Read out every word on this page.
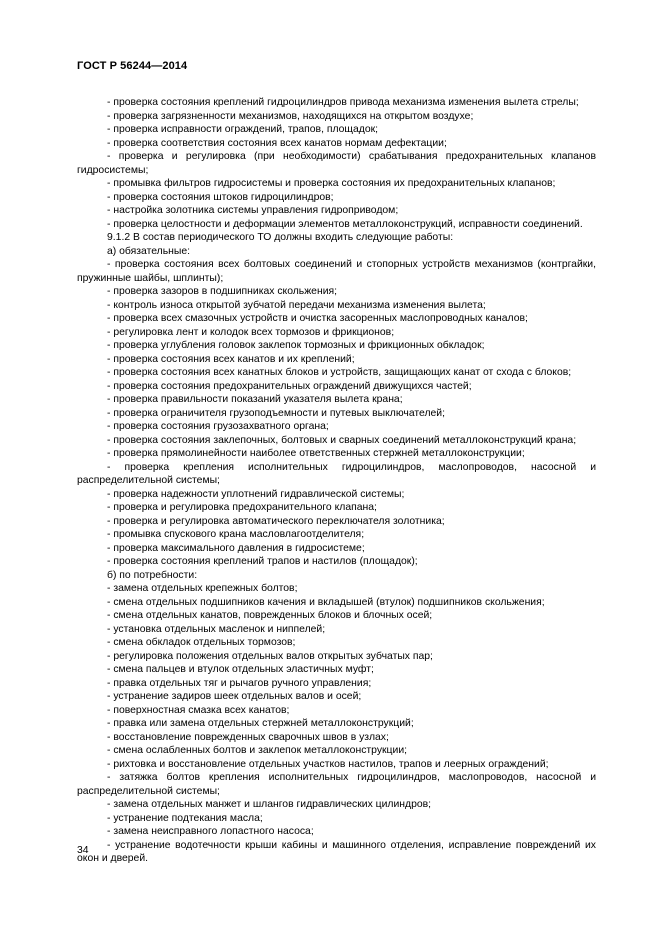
ГОСТ Р 56244—2014
- проверка состояния креплений гидроцилиндров привода механизма изменения вылета стрелы;
- проверка загрязненности механизмов, находящихся на открытом воздухе;
- проверка исправности ограждений, трапов, площадок;
- проверка соответствия состояния всех канатов нормам дефектации;
- проверка и регулировка (при необходимости) срабатывания предохранительных клапанов гидросистемы;
- промывка фильтров гидросистемы и проверка состояния их предохранительных клапанов;
- проверка состояния штоков гидроцилиндров;
- настройка золотника системы управления гидроприводом;
- проверка целостности и деформации элементов металлоконструкций, исправности соединений.
9.1.2 В состав периодического ТО должны входить следующие работы:
а) обязательные:
- проверка состояния всех болтовых соединений и стопорных устройств механизмов (контргайки, пружинные шайбы, шплинты);
- проверка зазоров в подшипниках скольжения;
- контроль износа открытой зубчатой передачи механизма изменения вылета;
- проверка всех смазочных устройств и очистка засоренных маслопроводных каналов;
- регулировка лент и колодок всех тормозов и фрикционов;
- проверка углубления головок заклепок тормозных и фрикционных обкладок;
- проверка состояния всех канатов и их креплений;
- проверка состояния всех канатных блоков и устройств, защищающих канат от схода с блоков;
- проверка состояния предохранительных ограждений движущихся частей;
- проверка правильности показаний указателя вылета крана;
- проверка ограничителя грузоподъемности и путевых выключателей;
- проверка состояния грузозахватного органа;
- проверка состояния заклепочных, болтовых и сварных соединений металлоконструкций крана;
- проверка прямолинейности наиболее ответственных стержней металлоконструкции;
- проверка крепления исполнительных гидроцилиндров, маслопроводов, насосной и распределительной системы;
- проверка надежности уплотнений гидравлической системы;
- проверка и регулировка предохранительного клапана;
- проверка и регулировка автоматического переключателя золотника;
- промывка спускового крана масловлагоотделителя;
- проверка максимального давления в гидросистеме;
- проверка состояния креплений трапов и настилов (площадок);
б) по потребности:
- замена отдельных крепежных болтов;
- смена отдельных подшипников качения и вкладышей (втулок) подшипников скольжения;
- смена отдельных канатов, поврежденных блоков и блочных осей;
- установка отдельных масленок и ниппелей;
- смена обкладок отдельных тормозов;
- регулировка положения отдельных валов открытых зубчатых пар;
- смена пальцев и втулок отдельных эластичных муфт;
- правка отдельных тяг и рычагов ручного управления;
- устранение задиров шеек отдельных валов и осей;
- поверхностная смазка всех канатов;
- правка или замена отдельных стержней металлоконструкций;
- восстановление поврежденных сварочных швов в узлах;
- смена ослабленных болтов и заклепок металлоконструкции;
- рихтовка и восстановление отдельных участков настилов, трапов и леерных ограждений;
- затяжка болтов крепления исполнительных гидроцилиндров, маслопроводов, насосной и распределительной системы;
- замена отдельных манжет и шлангов гидравлических цилиндров;
- устранение подтекания масла;
- замена неисправного лопастного насоса;
- устранение водотечности крыши кабины и машинного отделения, исправление повреждений их окон и дверей.
34
